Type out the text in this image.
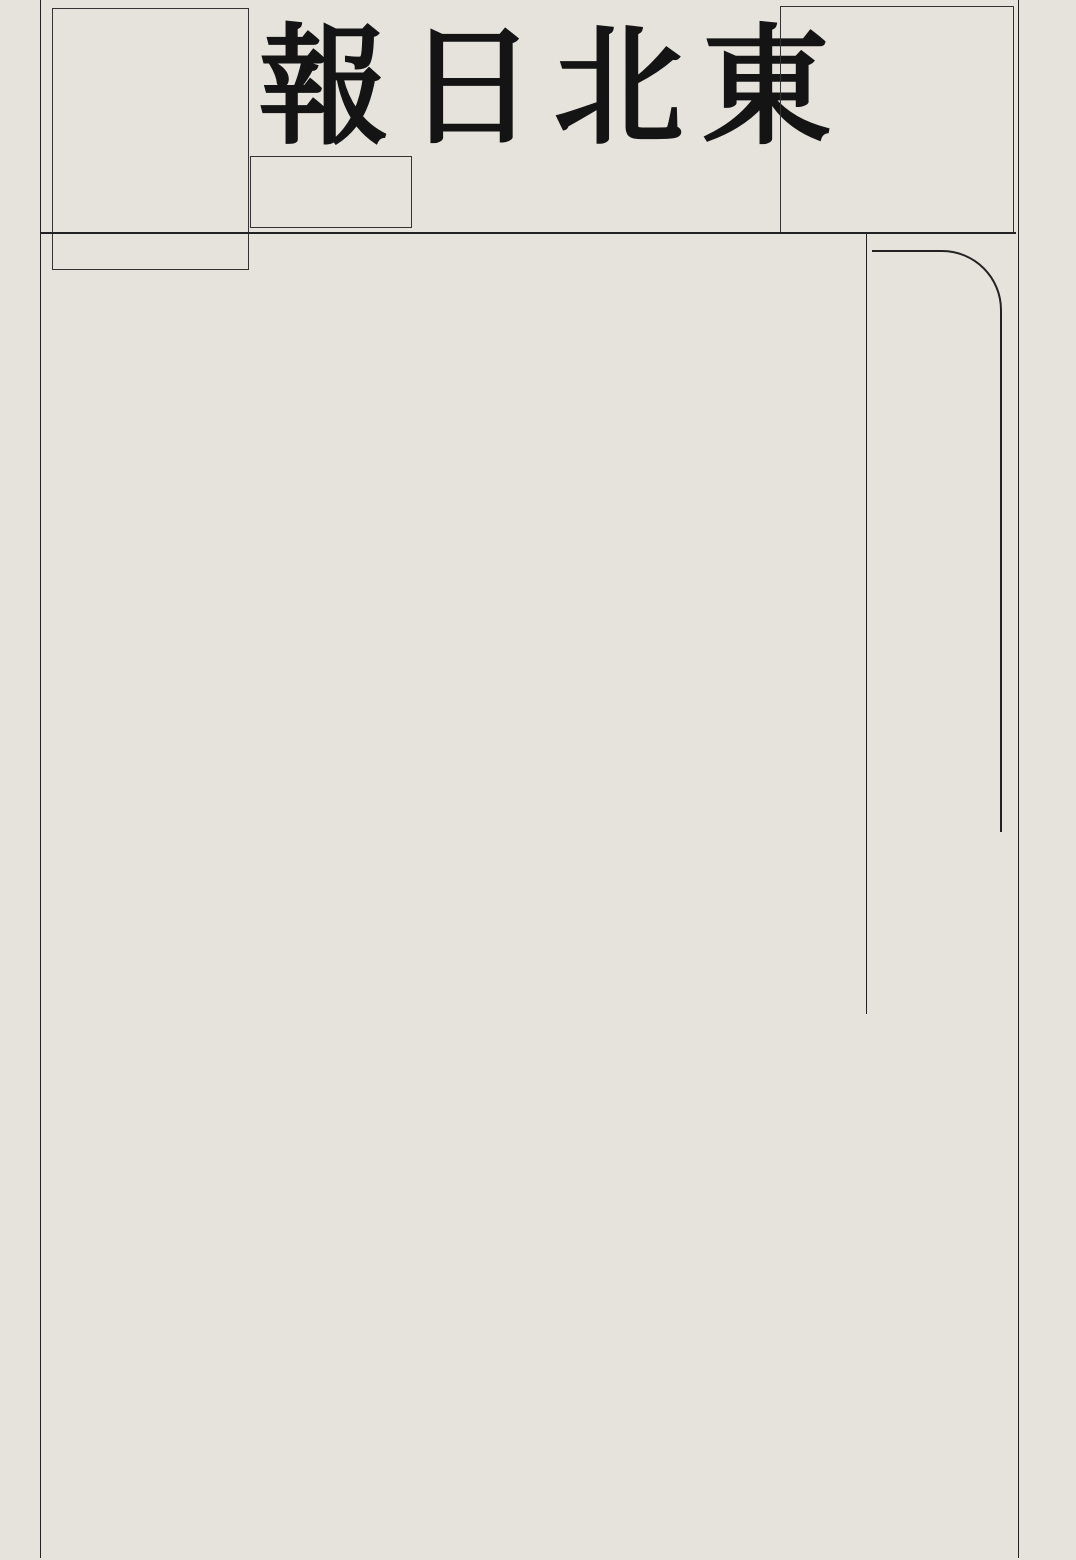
報 日 北 東
